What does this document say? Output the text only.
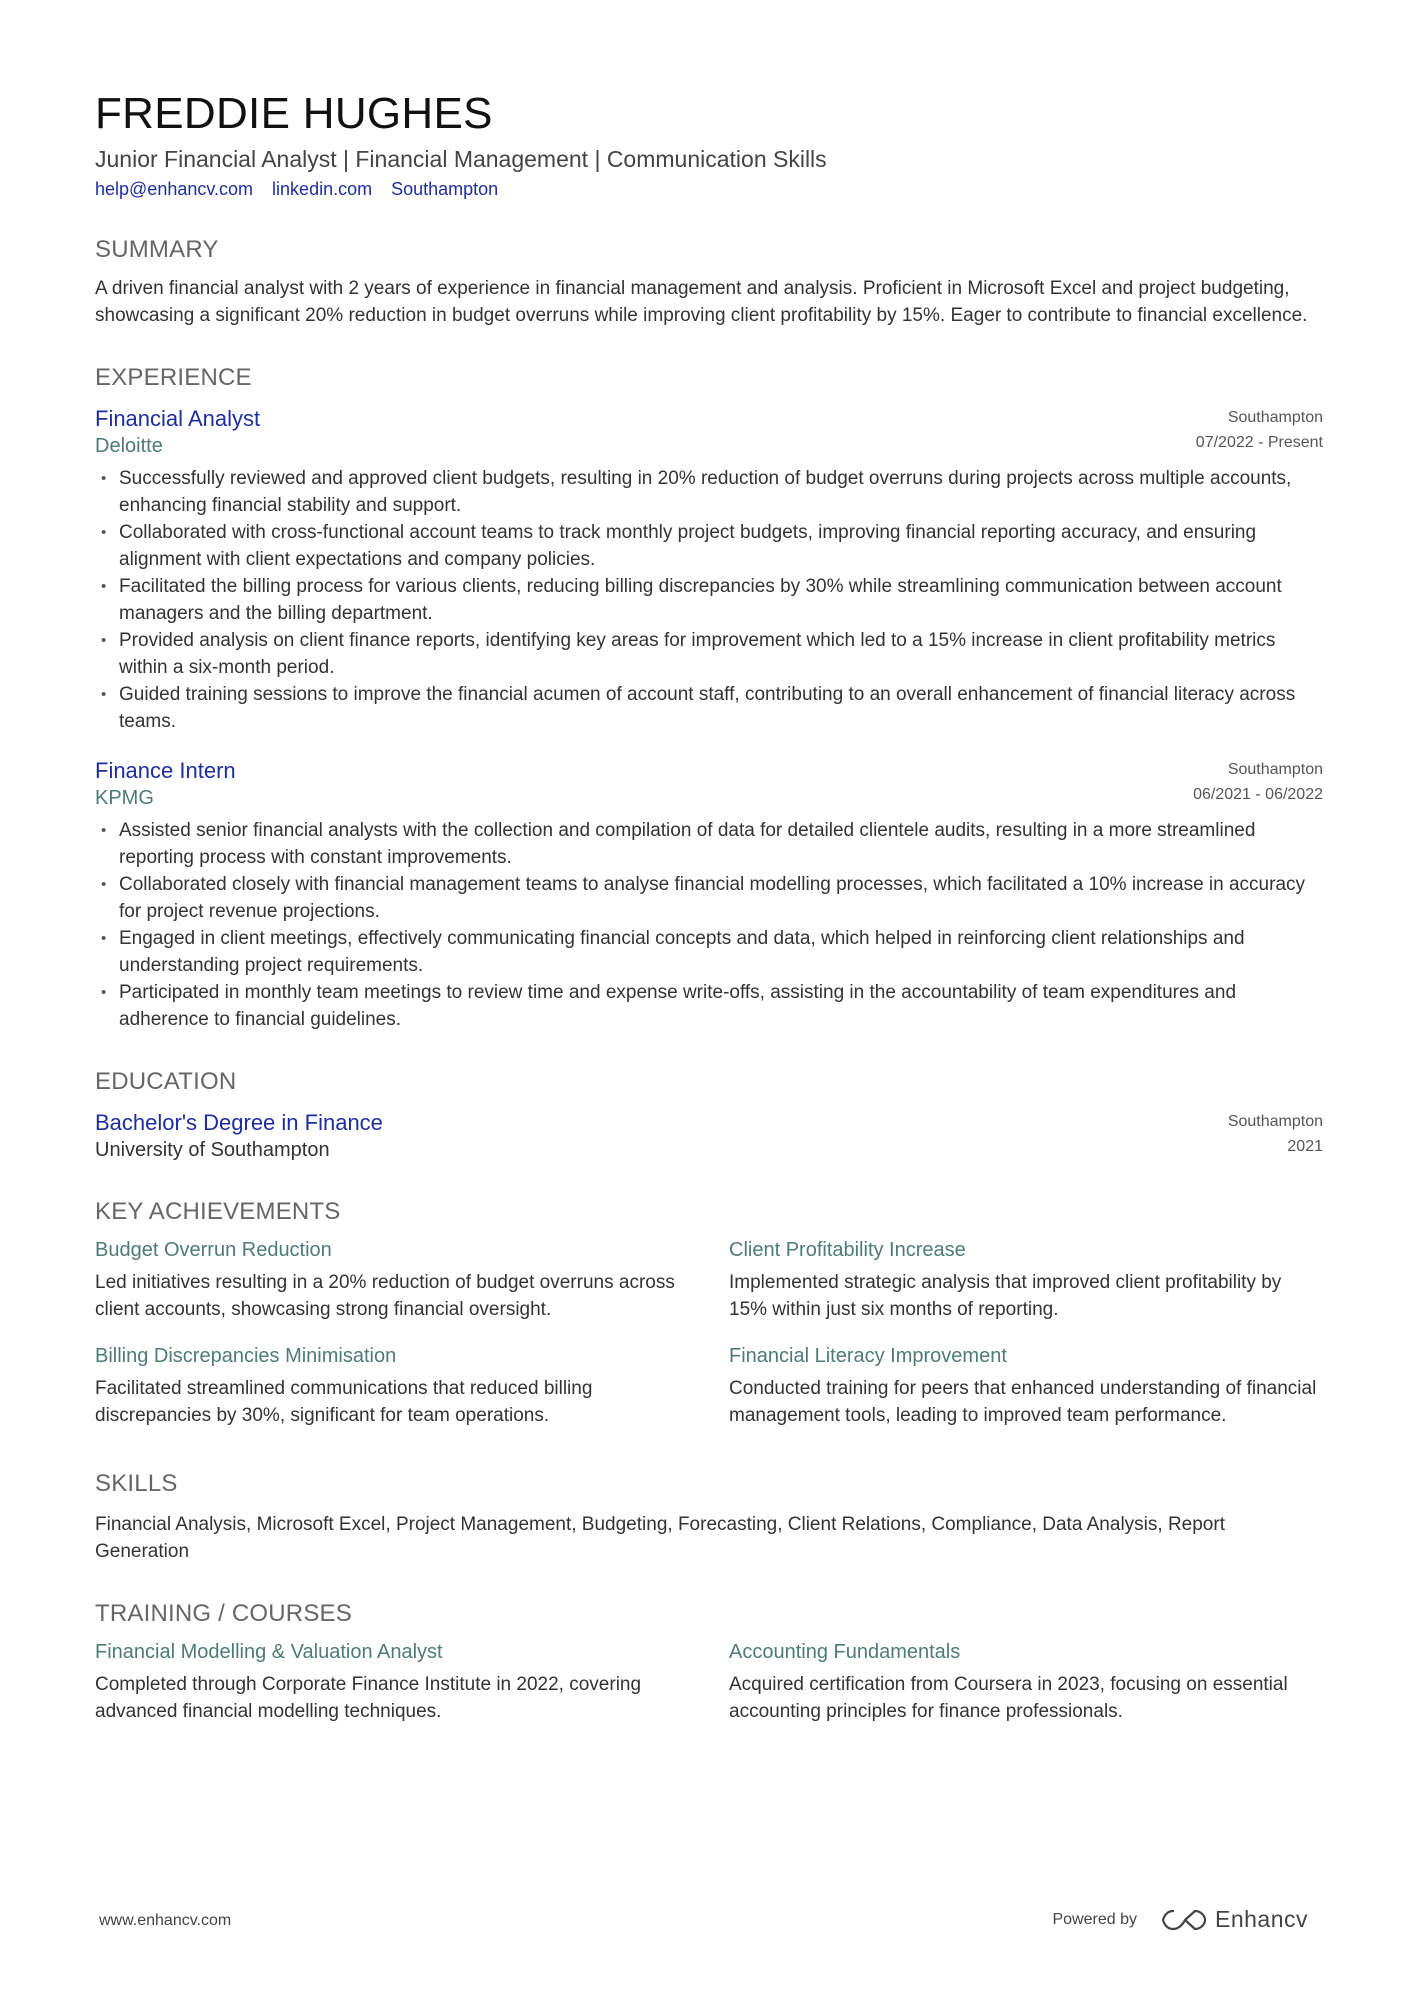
FREDDIE HUGHES
Junior Financial Analyst | Financial Management | Communication Skills
help@enhancv.com linkedin.com Southampton
SUMMARY
A driven financial analyst with 2 years of experience in financial management and analysis. Proficient in Microsoft Excel and project budgeting, showcasing a significant 20% reduction in budget overruns while improving client profitability by 15%. Eager to contribute to financial excellence.
EXPERIENCE
Financial Analyst
Deloitte
Southampton
07/2022 - Present
• Successfully reviewed and approved client budgets, resulting in 20% reduction of budget overruns during projects across multiple accounts, enhancing financial stability and support.
• Collaborated with cross-functional account teams to track monthly project budgets, improving financial reporting accuracy, and ensuring alignment with client expectations and company policies.
• Facilitated the billing process for various clients, reducing billing discrepancies by 30% while streamlining communication between account managers and the billing department.
• Provided analysis on client finance reports, identifying key areas for improvement which led to a 15% increase in client profitability metrics within a six-month period.
• Guided training sessions to improve the financial acumen of account staff, contributing to an overall enhancement of financial literacy across teams.
Finance Intern
KPMG
Southampton
06/2021 - 06/2022
• Assisted senior financial analysts with the collection and compilation of data for detailed clientele audits, resulting in a more streamlined reporting process with constant improvements.
• Collaborated closely with financial management teams to analyse financial modelling processes, which facilitated a 10% increase in accuracy for project revenue projections.
• Engaged in client meetings, effectively communicating financial concepts and data, which helped in reinforcing client relationships and understanding project requirements.
• Participated in monthly team meetings to review time and expense write-offs, assisting in the accountability of team expenditures and adherence to financial guidelines.
EDUCATION
Bachelor's Degree in Finance
University of Southampton
Southampton
2021
KEY ACHIEVEMENTS
Budget Overrun Reduction
Led initiatives resulting in a 20% reduction of budget overruns across client accounts, showcasing strong financial oversight.
Client Profitability Increase
Implemented strategic analysis that improved client profitability by 15% within just six months of reporting.
Billing Discrepancies Minimisation
Facilitated streamlined communications that reduced billing discrepancies by 30%, significant for team operations.
Financial Literacy Improvement
Conducted training for peers that enhanced understanding of financial management tools, leading to improved team performance.
SKILLS
Financial Analysis, Microsoft Excel, Project Management, Budgeting, Forecasting, Client Relations, Compliance, Data Analysis, Report Generation
TRAINING / COURSES
Financial Modelling & Valuation Analyst
Completed through Corporate Finance Institute in 2022, covering advanced financial modelling techniques.
Accounting Fundamentals
Acquired certification from Coursera in 2023, focusing on essential accounting principles for finance professionals.
www.enhancv.com	Powered by	Enhancv
